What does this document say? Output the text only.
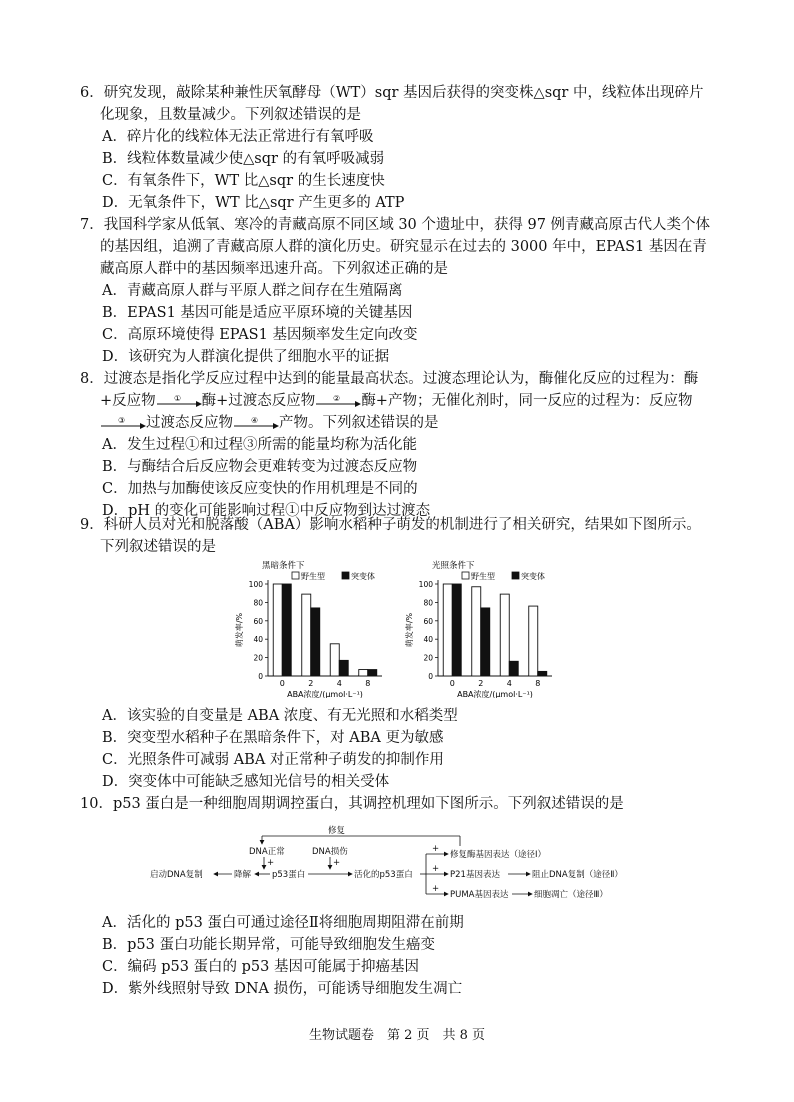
6．研究发现，敲除某种兼性厌氧酵母（WT）sqr 基因后获得的突变株△sqr 中，线粒体出现碎片

化现象，且数量减少。下列叙述错误的是

A．碎片化的线粒体无法正常进行有氧呼吸

B．线粒体数量减少使△sqr 的有氧呼吸减弱

C．有氧条件下，WT 比△sqr 的生长速度快

D．无氧条件下，WT 比△sqr 产生更多的 ATP

7．我国科学家从低氧、寒冷的青藏高原不同区域 30 个遗址中，获得 97 例青藏高原古代人类个体

的基因组，追溯了青藏高原人群的演化历史。研究显示在过去的 3000 年中，EPAS1 基因在青

藏高原人群中的基因频率迅速升高。下列叙述正确的是

A．青藏高原人群与平原人群之间存在生殖隔离

B．EPAS1 基因可能是适应平原环境的关键基因

C．高原环境使得 EPAS1 基因频率发生定向改变

D．该研究为人群演化提供了细胞水平的证据

8．过渡态是指化学反应过程中达到的能量最高状态。过渡态理论认为，酶催化反应的过程为：酶

+反应物 ① 酶+过渡态反应物 ② 酶+产物；无催化剂时，同一反应的过程为：反应物

③ 过渡态反应物 ④ 产物。下列叙述错误的是

A．发生过程①和过程③所需的能量均称为活化能

B．与酶结合后反应物会更难转变为过渡态反应物

C．加热与加酶使该反应变快的作用机理是不同的

D．pH 的变化可能影响过程①中反应物到达过渡态

9．科研人员对光和脱落酸（ABA）影响水稻种子萌发的机制进行了相关研究，结果如下图所示。

下列叙述错误的是

黑暗条件下
野生型	突变体
0
20
40
60
80
100
萌发率/%
0	2	4	8
ABA浓度/(μmol·L⁻¹)
光照条件下
野生型	突变体
0
20
40
60
80
100
萌发率/%
0	2	4	8
ABA浓度/(μmol·L⁻¹)

A．该实验的自变量是 ABA 浓度、有无光照和水稻类型

B．突变型水稻种子在黑暗条件下，对 ABA 更为敏感

C．光照条件可减弱 ABA 对正常种子萌发的抑制作用

D．突变体中可能缺乏感知光信号的相关受体

10．p53 蛋白是一种细胞周期调控蛋白，其调控机理如下图所示。下列叙述错误的是

修复
DNA正常	DNA损伤
+	+
启动DNA复制	降解 p53蛋白	活化的p53蛋白
+
+
+
修复酶基因表达（途径Ⅰ）
P21基因表达	阻止DNA复制（途径Ⅱ）
PUMA基因表达	细胞凋亡（途径Ⅲ）

A．活化的 p53 蛋白可通过途径Ⅱ将细胞周期阻滞在前期

B．p53 蛋白功能长期异常，可能导致细胞发生癌变

C．编码 p53 蛋白的 p53 基因可能属于抑癌基因

D．紫外线照射导致 DNA 损伤，可能诱导细胞发生凋亡

生物试题卷　第 2 页　共 8 页
